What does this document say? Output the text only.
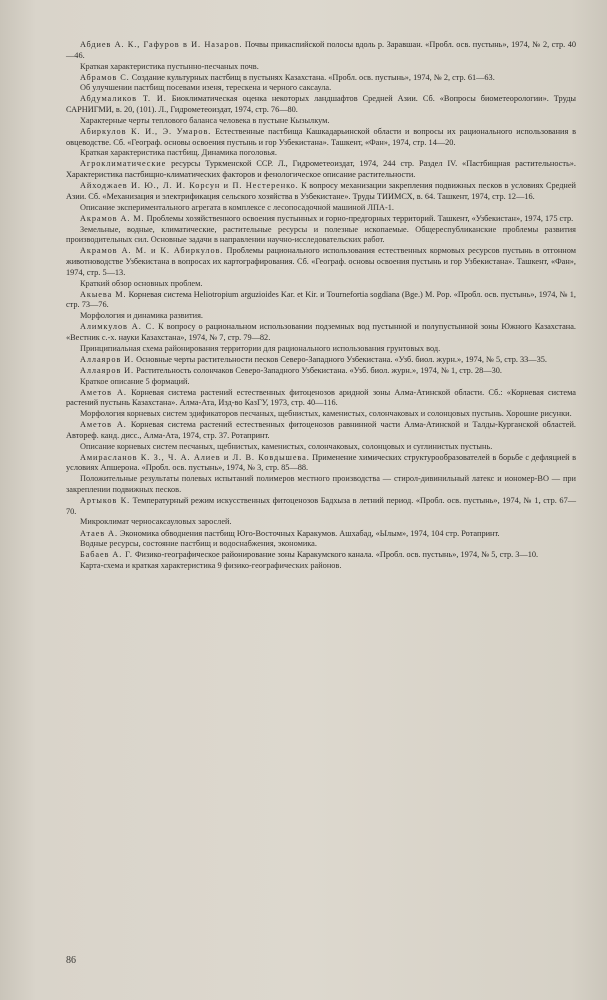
Абдиев А. К., Гафуров в И. Назаров. Почвы прикаспийской полосы вдоль р. Заравшан. «Пробл. осв. пустынь», 1974, № 2, стр. 40—46.

Краткая характеристика пустынно-песчаных почв.

Абрамов С. Создание культурных пастбищ в пустынях Казахстана. «Пробл. осв. пустынь», 1974, № 2, стр. 61—63.

Об улучшении пастбищ посевами изеня, терескена и черного саксаула.

Абдумаликов Т. И. Биоклиматическая оценка некоторых ландшафтов Средней Азии. Сб. «Вопросы биометеорологии». Труды САРНИГМИ, в. 20, (101). Л., Гидрометеоиздат, 1974, стр. 76—80.

Характерные черты теплового баланса человека в пустыне Кызылкум.

Абиркулов К. И., Э. Умаров. Естественные пастбища Кашкадарьинской области и вопросы их рационального использования в овцеводстве. Сб. «Географ. основы освоения пустынь и гор Узбекистана». Ташкент, «Фан», 1974, стр. 14—20.

Краткая характеристика пастбищ. Динамика поголовья.

Агроклиматические ресурсы Туркменской ССР. Л., Гидрометеоиздат, 1974, 244 стр. Раздел IV. «Пастбищная растительность». Характеристика пастбищно-климатических факторов и фенологическое описание растительности.

Айходжаев И. Ю., Л. И. Корсун и П. Нестеренко. К вопросу механизации закрепления подвижных песков в условиях Средней Азии. Сб. «Механизация и электрификация сельского хозяйства в Узбекистане». Труды ТИИМСХ, в. 64. Ташкент, 1974, стр. 12—16.

Описание экспериментального агрегата в комплексе с лесопосадочной машиной ЛПА-1.

Акрамов А. М. Проблемы хозяйственного освоения пустынных и горно-предгорных территорий. Ташкент, «Узбекистан», 1974, 175 стр.

Земельные, водные, климатические, растительные ресурсы и полезные ископаемые. Общереспубликанские проблемы развития производительных сил. Основные задачи в направлении научно-исследовательских работ.

Акрамов А. М. и К. Абиркулов. Проблемы рационального использования естественных кормовых ресурсов пустынь в отгонном животноводстве Узбекистана в вопросах их картографирования. Сб. «Географ. основы освоения пустынь и гор Узбекистана». Ташкент, «Фан», 1974, стр. 5—13.

Краткий обзор основных проблем.

Акыева М. Корневая система Heliotropium arguzioides Kar. et Kir. и Tournefortia sogdiana (Bge.) M. Pop. «Пробл. осв. пустынь», 1974, № 1, стр. 73—76.

Морфология и динамика развития.

Алимкулов А. С. К вопросу о рациональном использовании подземных вод пустынной и полупустынной зоны Южного Казахстана. «Вестник с.-х. науки Казахстана», 1974, № 7, стр. 79—82.

Принципиальная схема районирования территории для рационального использования грунтовых вод.

Аллаяров И. Основные черты растительности песков Северо-Западного Узбекистана. «Узб. биол. журн.», 1974, № 5, стр. 33—35.

Аллаяров И. Растительность солончаков Северо-Западного Узбекистана. «Узб. биол. журн.», 1974, № 1, стр. 28—30.

Краткое описание 5 формаций.

Аметов А. Корневая система растений естественных фитоценозов аридной зоны Алма-Атинской области. Сб.: «Корневая система растений пустынь Казахстана». Алма-Ата, Изд-во КазГУ, 1973, стр. 40—116.

Морфология корневых систем эдификаторов песчаных, щебнистых, каменистых, солончаковых и солонцовых пустынь. Хорошие рисунки.

Аметов А. Корневая система растений естественных фитоценозов равнинной части Алма-Атинской и Талды-Курганской областей. Автореф. канд. дисс., Алма-Ата, 1974, стр. 37. Ротапринт.

Описание корневых систем песчаных, щебнистых, каменистых, солончаковых, солонцовых и суглинистых пустынь.

Амирасланов К. З., Ч. А. Алиев и Л. В. Ковдышева. Применение химических структурообразователей в борьбе с дефляцией в условиях Апшерона. «Пробл. осв. пустынь», 1974, № 3, стр. 85—88.

Положительные результаты полевых испытаний полимеров местного производства — стирол-дивинильный латекс и иономер-ВО — при закреплении подвижных песков.

Артыков К. Температурный режим искусственных фитоценозов Бадхыза в летний период. «Пробл. осв. пустынь», 1974, № 1, стр. 67—70.

Микроклимат черносаксауловых зарослей.

Атаев А. Экономика обводнения пастбищ Юго-Восточных Каракумов. Ашхабад, «Ылым», 1974, 104 стр. Ротапринт.

Водные ресурсы, состояние пастбищ и водоснабжения, экономика.

Бабаев А. Г. Физико-географическое районирование зоны Каракумского канала. «Пробл. осв. пустынь», 1974, № 5, стр. 3—10.

Карта-схема и краткая характеристика 9 физико-географических районов.

86
